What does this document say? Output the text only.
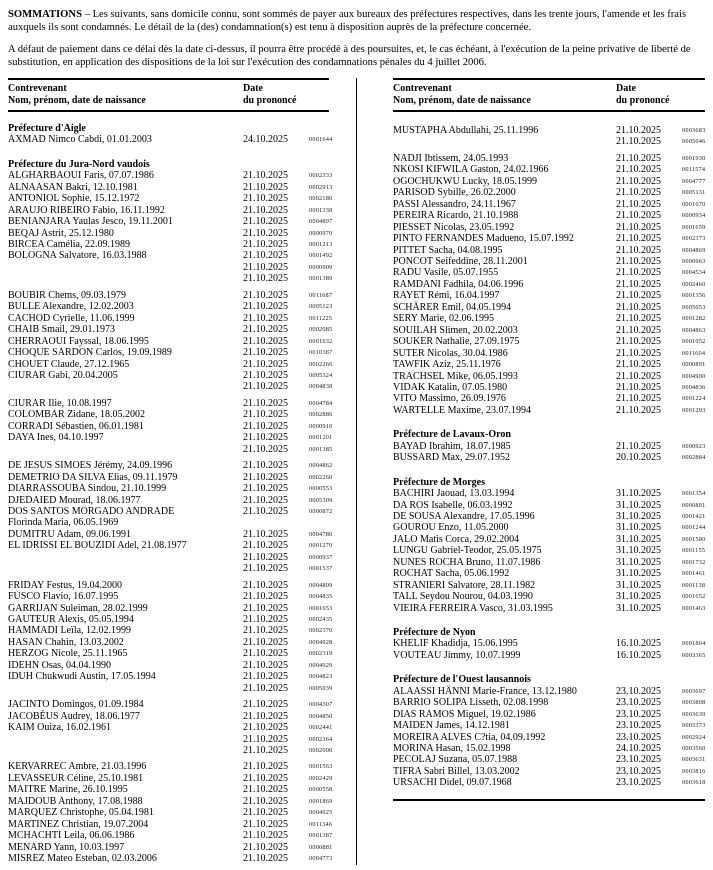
SOMMATIONS – Les suivants, sans domicile connu, sont sommés de payer aux bureaux des préfectures respectives, dans les trente jours, l'amende et les frais auxquels ils sont condamnés. Le détail de la (des) condamnation(s) est tenu à disposition auprès de la préfecture concernée.

A défaut de paiement dans ce délai dès la date ci-dessus, il pourra être procédé à des poursuites, et, le cas échéant, à l'exécution de la peine privative de liberté de substitution, en application des dispositions de la loi sur l'exécution des condamnations pénales du 4 juillet 2006.

Contrevenant
Nom, prénom, date de naissance
Date
du prononcé
Préfecture d'Aigle
AXMAD Nimco Cabdi, 01.01.2003	24.10.2025	0001644
Préfecture du Jura-Nord vaudois
ALGHARBAOUI Faris, 07.07.1986	21.10.2025	0002333
ALNAASAN Bakri, 12.10.1981	21.10.2025	0002913
ANTONIOL Sophie, 15.12.1972	21.10.2025	0002180
ARAUJO RIBEIRO Fabio, 16.11.1992	21.10.2025	0001338
BENIANJARA Yaulas Jesco, 19.11.2001	21.10.2025	0004897
BEQAJ Astrit, 25.12.1980	21.10.2025	0000970
BIRCEA Camélia, 22.09.1989	21.10.2025	0001213
BOLOGNA Salvatore, 16.03.1988	21.10.2025	0001492
21.10.2025	0000909
21.10.2025	0001389
BOUBIR Chems, 09.03.1979	21.10.2025	0011687
BULLE Alexandre, 12.02.2003	21.10.2025	0005123
CACHOD Cyrielle, 11.06.1999	21.10.2025	0011225
CHAIB Smail, 29.01.1973	21.10.2025	0002085
CHERRAOUI Fayssal, 18.06.1995	21.10.2025	0001632
CHOQUE SARDON Carlos, 19.09.1989	21.10.2025	0010387
CHOUET Claude, 27.12.1965	21.10.2025	0002266
CIURAR Gabi, 20.04.2005	21.10.2025	0005324
21.10.2025	0004838
CIURAR Ilie, 10.08.1997	21.10.2025	0004784
COLOMBAR Zidane, 18.05.2002	21.10.2025	0002886
CORRADI Sébastien, 06.01.1981	21.10.2025	0000910
DAYA Ines, 04.10.1997	21.10.2025	0001201
21.10.2025	0001385
DE JESUS SIMOES Jérémy, 24.09.1996	21.10.2025	0004862
DEMETRIO DA SILVA Elias, 09.11.1979	21.10.2025	0002260
DIARRASSOUBA Sindou, 21.10.1999	21.10.2025	0000553
DJEDAIED Mourad, 18.06.1977	21.10.2025	0005309
DOS SANTOS MORGADO ANDRADE	21.10.2025	0000872
Florinda Maria, 06.05.1969
DUMITRU Adam, 09.06.1991	21.10.2025	0004780
EL IDRISSI EL BOUZIDI Adel, 21.08.1977	21.10.2025	0001270
21.10.2025	0000937
21.10.2025	0001537
FRIDAY Festus, 19.04.2000	21.10.2025	0004809
FUSCO Flavio, 16.07.1995	21.10.2025	0004835
GARRIJAN Suleiman, 28.02.1999	21.10.2025	0001653
GAUTEUR Alexis, 05.05.1994	21.10.2025	0002435
HAMMADI Leïla, 12.02.1999	21.10.2025	0002370
HASAN Chahin, 13.03.2002	21.10.2025	0004928
HERZOG Nicole, 25.11.1965	21.10.2025	0002319
IDEHN Osas, 04.04.1990	21.10.2025	0004929
IDUH Chukwudi Austin, 17.05.1994	21.10.2025	0004823
21.10.2025	0005039
JACINTO Domingos, 01.09.1984	21.10.2025	0004307
JACOBÉUS Audrey, 18.06.1977	21.10.2025	0004850
KAIM Ouiza, 16.02.1961	21.10.2025	0002441
21.10.2025	0002364
21.10.2025	0002000
KERVARREC Ambre, 21.03.1996	21.10.2025	0001563
LEVASSEUR Céline, 25.10.1981	21.10.2025	0002429
MAITRE Marine, 26.10.1995	21.10.2025	0000558
MAJDOUB Anthony, 17.08.1988	21.10.2025	0001869
MARQUEZ Christophe, 05.04.1981	21.10.2025	0004925
MARTINEZ Christian, 19.07.2004	21.10.2025	0011346
MCHACHTI Leila, 06.06.1986	21.10.2025	0001387
MENARD Yann, 10.03.1997	21.10.2025	0000881
MISREZ Mateo Esteban, 02.03.2006	21.10.2025	0004773
Contrevenant
Nom, prénom, date de naissance
Date
du prononcé
MUSTAPHA Abdullahi, 25.11.1996	21.10.2025	0003683
21.10.2025	0005046
NADJI Ibtissem, 24.05.1993	21.10.2025	0001930
NKOSI KIFWILA Gaston, 24.02.1966	21.10.2025	0011574
OGOCHUKWU Lucky, 18.05.1999	21.10.2025	0004777
PARISOD Sybille, 26.02.2000	21.10.2025	0005131
PASSI Alessandro, 24.11.1967	21.10.2025	0001670
PEREIRA Ricardo, 21.10.1988	21.10.2025	0000934
PIESSET Nicolas, 23.05.1992	21.10.2025	0001659
PINTO FERNANDES Madueno, 15.07.1992	21.10.2025	0002373
PITTET Sacha, 04.08.1995	21.10.2025	0004869
PONCOT Seifeddine, 28.11.2001	21.10.2025	0000963
RADU Vasile, 05.07.1955	21.10.2025	0004534
RAMDANI Fadhila, 04.06.1996	21.10.2025	0002460
RAYET Rémi, 16.04.1997	21.10.2025	0001356
SCHÄRER Emil, 04.05.1994	21.10.2025	0005053
SERY Marie, 02.06.1995	21.10.2025	0001282
SOUILAH Slimen, 20.02.2003	21.10.2025	0004863
SOUKER Nathalie, 27.09.1975	21.10.2025	0001052
SUTER Nicolas, 30.04.1986	21.10.2025	0011604
TAWFIK Aziz, 25.11.1976	21.10.2025	0000891
TRACHSEL Mike, 06.05.1993	21.10.2025	0004900
VIDAK Katalin, 07.05.1980	21.10.2025	0004836
VITO Massimo, 26.09.1976	21.10.2025	0001224
WARTELLE Maxime, 23.07.1994	21.10.2025	0001293
Préfecture de Lavaux-Oron
BAYAD Ibrahim, 18.07.1985	21.10.2025	0000923
BUSSARD Max, 29.07.1952	20.10.2025	0002884
Préfecture de Morges
BACHIRI Jaouad, 13.03.1994	31.10.2025	0001354
DA ROS Isabelle, 06.03.1992	31.10.2025	0000801
DE SOUSA Alexandre, 17.05.1996	31.10.2025	0001421
GOUROU Enzo, 11.05.2000	31.10.2025	0001244
JALO Matis Corca, 29.02.2004	31.10.2025	0001580
LUNGU Gabriel-Teodor, 25.05.1975	31.10.2025	0001155
NUNES ROCHA Bruno, 11.07.1986	31.10.2025	0001732
ROCHAT Sacha, 05.06.1992	31.10.2025	0001461
STRANIERI Salvatore, 28.11.1982	31.10.2025	0001138
TALL Seydou Nourou, 04.03.1990	31.10.2025	0001652
VIEIRA FERREIRA Vasco, 31.03.1995	31.10.2025	0001463
Préfecture de Nyon
KHELIF Khadidja, 15.06.1995	16.10.2025	0001804
VOUTEAU Jimmy, 10.07.1999	16.10.2025	0003365
Préfecture de l'Ouest lausannois
ALAASSI HÄNNI Marie-France, 13.12.1980	23.10.2025	0003697
BARRIO SOLIPA Lisseth, 02.08.1998	23.10.2025	0003808
DIAS RAMOS Miguel, 19.02.1986	23.10.2025	0003639
MAIDEN James, 14.12.1981	23.10.2025	0003373
MOREIRA ALVES C?tia, 04.09.1992	23.10.2025	0002924
MORINA Hasan, 15.02.1998	24.10.2025	0003560
PECOLAJ Suzana, 05.07.1988	23.10.2025	0003631
TIFRA Sabri Billel, 13.03.2002	23.10.2025	0003816
URSACHI Didel, 09.07.1968	23.10.2025	0003618
